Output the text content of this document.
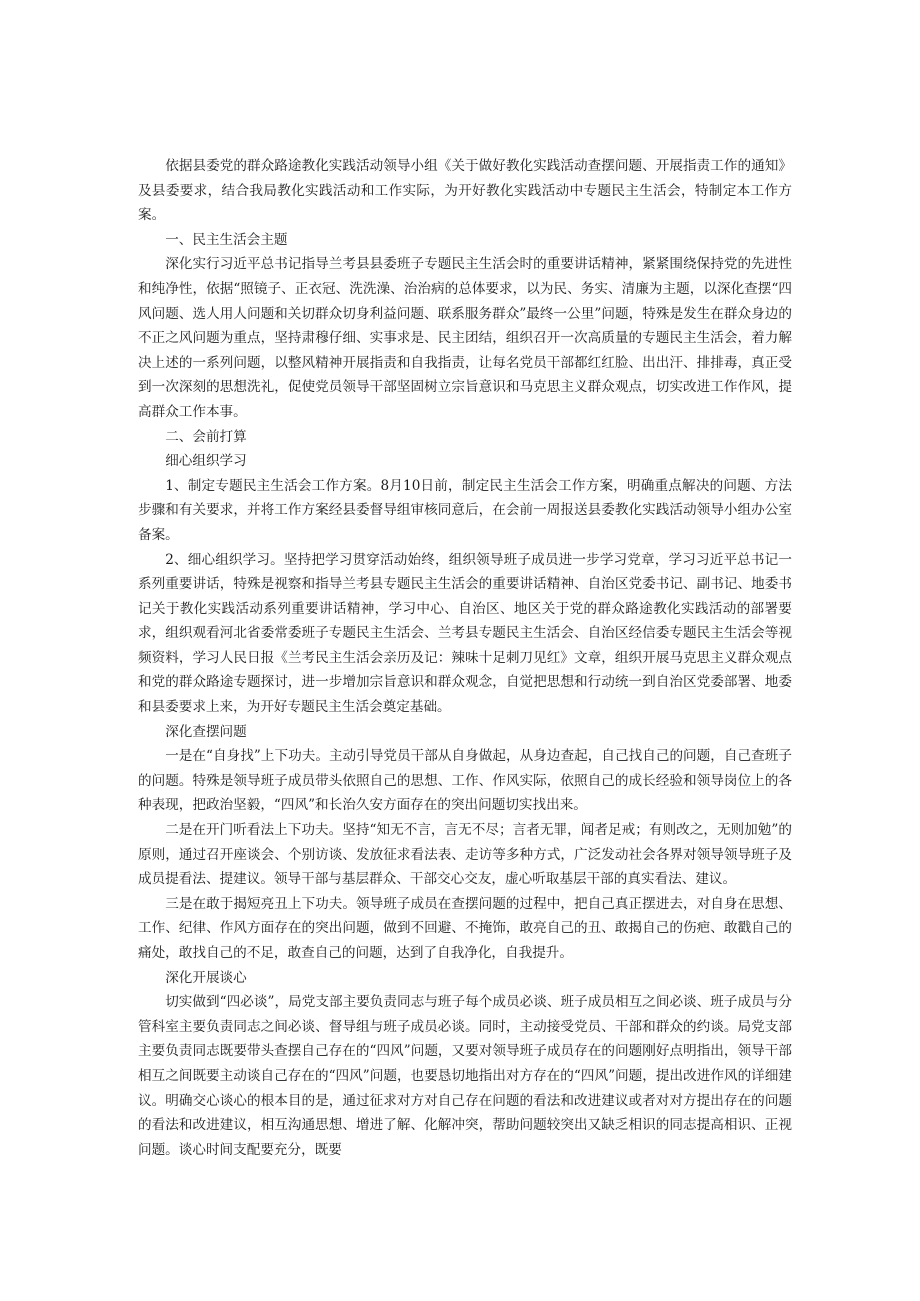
依据县委党的群众路途教化实践活动领导小组《关于做好教化实践活动查摆问题、开展指责工作的通知》及县委要求，结合我局教化实践活动和工作实际，为开好教化实践活动中专题民主生活会，特制定本工作方案。

一、民主生活会主题

深化实行习近平总书记指导兰考县县委班子专题民主生活会时的重要讲话精神，紧紧围绕保持党的先进性和纯净性，依据“照镜子、正衣冠、洗洗澡、治治病的总体要求，以为民、务实、清廉为主题，以深化查摆“四风问题、选人用人问题和关切群众切身利益问题、联系服务群众”最终一公里”问题，特殊是发生在群众身边的不正之风问题为重点，坚持肃穆仔细、实事求是、民主团结，组织召开一次高质量的专题民主生活会，着力解决上述的一系列问题，以整风精神开展指责和自我指责，让每名党员干部都红红脸、出出汗、排排毒，真正受到一次深刻的思想洗礼，促使党员领导干部坚固树立宗旨意识和马克思主义群众观点，切实改进工作作风，提高群众工作本事。

二、会前打算

细心组织学习

1、制定专题民主生活会工作方案。8月10日前，制定民主生活会工作方案，明确重点解决的问题、方法步骤和有关要求，并将工作方案经县委督导组审核同意后，在会前一周报送县委教化实践活动领导小组办公室备案。

2、细心组织学习。坚持把学习贯穿活动始终，组织领导班子成员进一步学习党章，学习习近平总书记一系列重要讲话，特殊是视察和指导兰考县专题民主生活会的重要讲话精神、自治区党委书记、副书记、地委书记关于教化实践活动系列重要讲话精神，学习中心、自治区、地区关于党的群众路途教化实践活动的部署要求，组织观看河北省委常委班子专题民主生活会、兰考县专题民主生活会、自治区经信委专题民主生活会等视频资料，学习人民日报《兰考民主生活会亲历及记：辣味十足刺刀见红》文章，组织开展马克思主义群众观点和党的群众路途专题探讨，进一步增加宗旨意识和群众观念，自觉把思想和行动统一到自治区党委部署、地委和县委要求上来，为开好专题民主生活会奠定基础。

深化查摆问题

一是在“自身找”上下功夫。主动引导党员干部从自身做起，从身边查起，自己找自己的问题，自己查班子的问题。特殊是领导班子成员带头依照自己的思想、工作、作风实际，依照自己的成长经验和领导岗位上的各种表现，把政治坚毅，“四风”和长治久安方面存在的突出问题切实找出来。

二是在开门听看法上下功夫。坚持“知无不言，言无不尽；言者无罪，闻者足戒；有则改之，无则加勉”的原则，通过召开座谈会、个别访谈、发放征求看法表、走访等多种方式，广泛发动社会各界对领导领导班子及成员提看法、提建议。领导干部与基层群众、干部交心交友，虚心听取基层干部的真实看法、建议。

三是在敢于揭短亮丑上下功夫。领导班子成员在查摆问题的过程中，把自己真正摆进去，对自身在思想、工作、纪律、作风方面存在的突出问题，做到不回避、不掩饰，敢亮自己的丑、敢揭自己的伤疤、敢戳自己的痛处，敢找自己的不足，敢查自己的问题，达到了自我净化，自我提升。

深化开展谈心

切实做到“四必谈”，局党支部主要负责同志与班子每个成员必谈、班子成员相互之间必谈、班子成员与分管科室主要负责同志之间必谈、督导组与班子成员必谈。同时，主动接受党员、干部和群众的约谈。局党支部主要负责同志既要带头查摆自己存在的“四风”问题，又要对领导班子成员存在的问题刚好点明指出，领导干部相互之间既要主动谈自己存在的“四风”问题，也要恳切地指出对方存在的“四风”问题，提出改进作风的详细建议。明确交心谈心的根本目的是，通过征求对方对自己存在问题的看法和改进建议或者对对方提出存在的问题的看法和改进建议，相互沟通思想、增进了解、化解冲突，帮助问题较突出又缺乏相识的同志提高相识、正视问题。谈心时间支配要充分，既要
